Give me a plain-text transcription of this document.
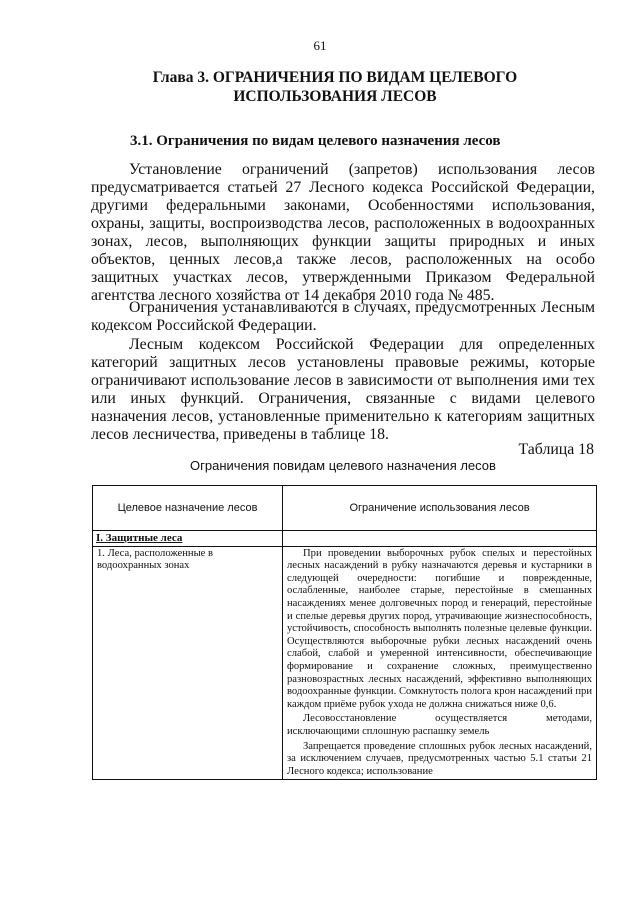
61
Глава 3. ОГРАНИЧЕНИЯ ПО ВИДАМ ЦЕЛЕВОГО
ИСПОЛЬЗОВАНИЯ ЛЕСОВ
3.1. Ограничения по видам целевого назначения лесов

Установление ограничений (запретов) использования лесов предусматривается статьей 27 Лесного кодекса Российской Федерации, другими федеральными законами, Особенностями использования, охраны, защиты, воспроизводства лесов, расположенных в водоохранных зонах, лесов, выполняющих функции защиты природных и иных объектов, ценных лесов,а также лесов, расположенных на особо защитных участках лесов, утвержденными Приказом Федеральной агентства лесного хозяйства от 14 декабря 2010 года № 485.

Ограничения устанавливаются в случаях, предусмотренных Лесным кодексом Российской Федерации.

Лесным кодексом Российской Федерации для определенных категорий защитных лесов установлены правовые режимы, которые ограничивают использование лесов в зависимости от выполнения ими тех или иных функций. Ограничения, связанные с видами целевого назначения лесов, установленные применительно к категориям защитных лесов лесничества, приведены в таблице 18.

Таблица 18
Ограничения повидам целевого назначения лесов
Целевое назначение лесов	Ограничение использования лесов
I. Защитные леса	
1. Леса, расположенные в водоохранных зонах	При проведении выборочных рубок спелых и перестойных лесных насаждений в рубку назначаются деревья и кустарники в следующей очередности: погибшие и поврежденные, ослабленные, наиболее старые, перестойные в смешанных насаждениях менее долговечных пород и генераций, перестойные и спелые деревья других пород, утрачивающие жизнеспособность, устойчивость, способность выполнять полезные целевые функции. Осуществляются выборочные рубки лесных насаждений очень слабой, слабой и умеренной интенсивности, обеспечивающие формирование и сохранение сложных, преимущественно разновозрастных лесных насаждений, эффективно выполняющих водоохранные функции. Сомкнутость полога крон насаждений при каждом приёме рубок ухода не должна снижаться ниже 0,6.

Лесовосстановление осуществляется методами, исключающими сплошную распашку земель

Запрещается проведение сплошных рубок лесных насаждений, за исключением случаев, предусмотренных частью 5.1 статьи 21 Лесного кодекса; использование
